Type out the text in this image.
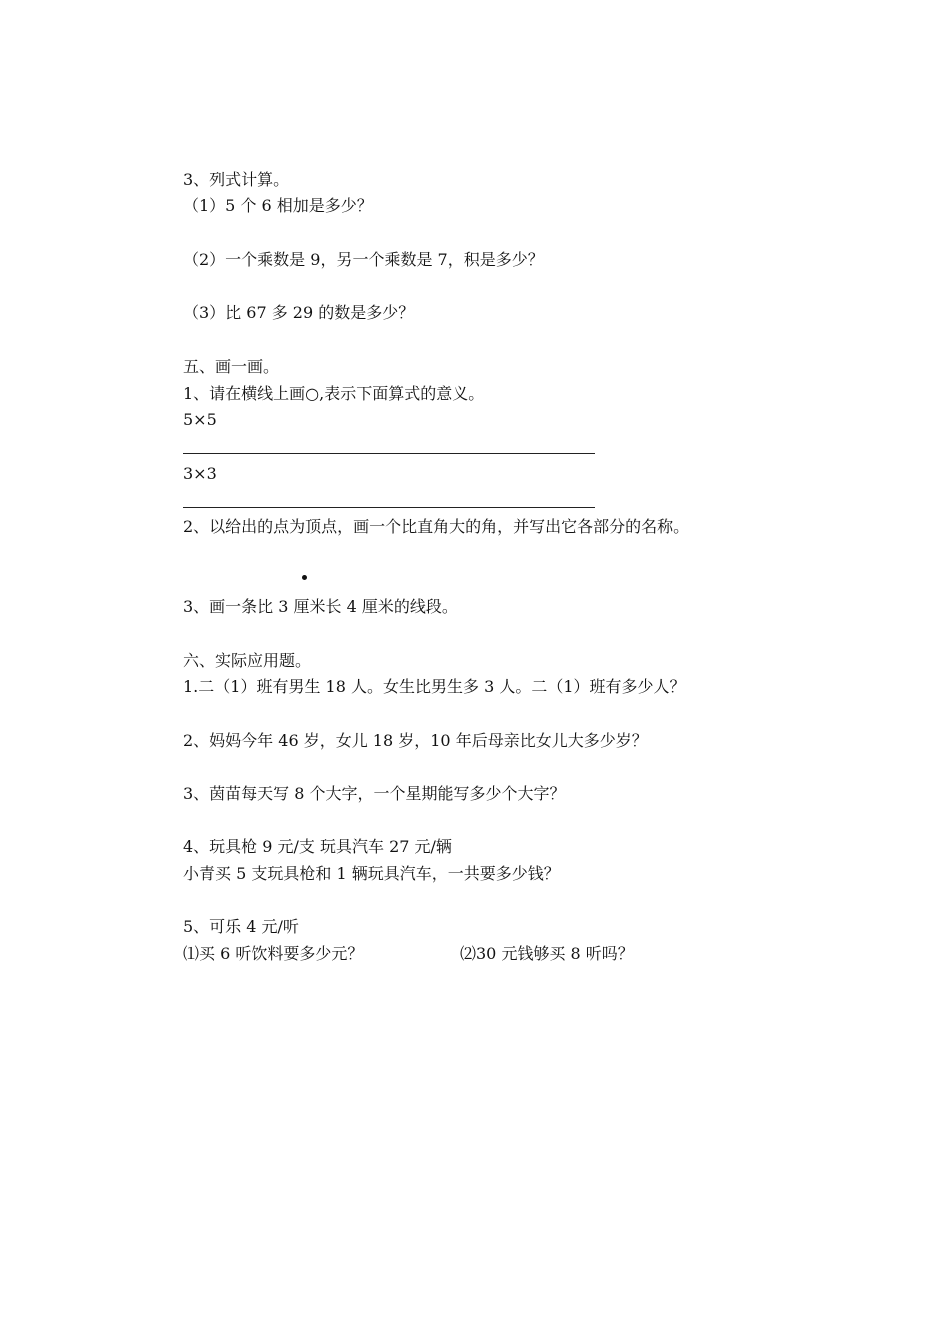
3、列式计算。
（1）5 个 6 相加是多少？
（2）一个乘数是 9，另一个乘数是 7，积是多少？
（3）比 67 多 29 的数是多少？
五、画一画。
1、请在横线上画○,表示下面算式的意义。
5×5
3×3
2、以给出的点为顶点，画一个比直角大的角，并写出它各部分的名称。
3、画一条比 3 厘米长 4 厘米的线段。
六、实际应用题。
1.二（1）班有男生 18 人。女生比男生多 3 人。二（1）班有多少人？
2、妈妈今年 46 岁，女儿 18 岁，10 年后母亲比女儿大多少岁？
3、茵苗每天写 8 个大字，一个星期能写多少个大字？
4、玩具枪 9 元/支 玩具汽车 27 元/辆
小青买 5 支玩具枪和 1 辆玩具汽车，一共要多少钱？
5、可乐 4 元/听
⑴买 6 听饮料要多少元？	⑵30 元钱够买 8 听吗？
